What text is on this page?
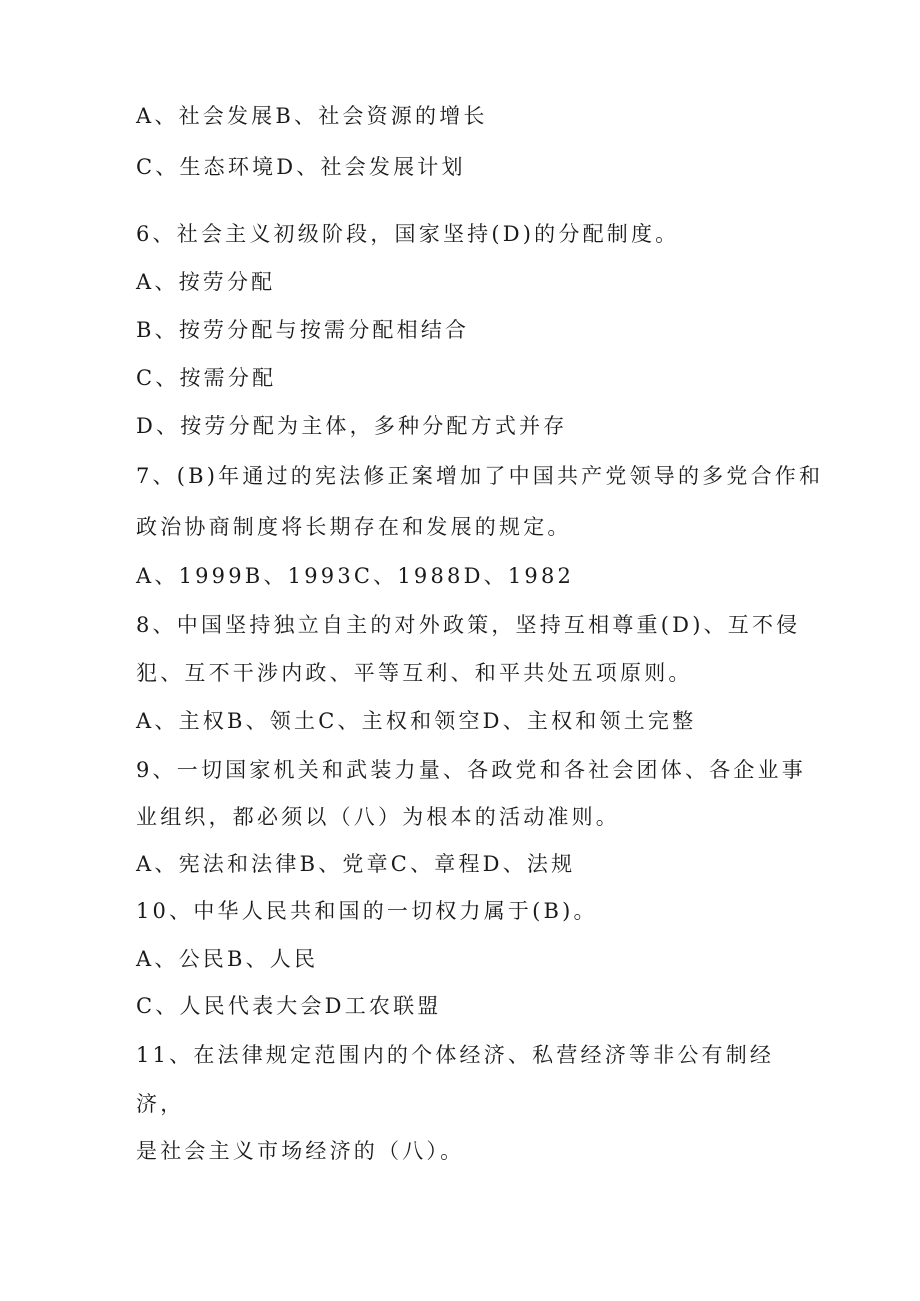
A、社会发展B、社会资源的增长
C、生态环境D、社会发展计划
6、社会主义初级阶段，国家坚持(D)的分配制度。
A、按劳分配
B、按劳分配与按需分配相结合
C、按需分配
D、按劳分配为主体，多种分配方式并存
7、(B)年通过的宪法修正案增加了中国共产党领导的多党合作和
政治协商制度将长期存在和发展的规定。
A、1999B、1993C、1988D、1982
8、中国坚持独立自主的对外政策，坚持互相尊重(D)、互不侵
犯、互不干涉内政、平等互利、和平共处五项原则。
A、主权B、领土C、主权和领空D、主权和领土完整
9、一切国家机关和武装力量、各政党和各社会团体、各企业事
业组织，都必须以（八）为根本的活动准则。
A、宪法和法律B、党章C、章程D、法规
10、中华人民共和国的一切权力属于(B)。
A、公民B、人民
C、人民代表大会D工农联盟
11、在法律规定范围内的个体经济、私营经济等非公有制经
济，
是社会主义市场经济的（八）。
